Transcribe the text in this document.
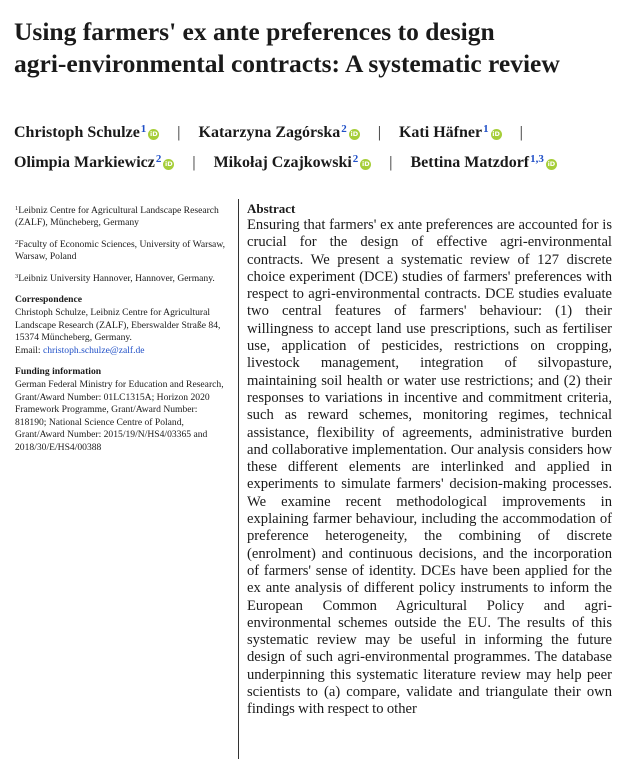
Using farmers' ex ante preferences to design
agri-environmental contracts: A systematic review
Christoph Schulze$^1$ iD | Katarzyna Zagórska$^2$ iD | Kati Häfner$^1$ iD |
Olimpia Markiewicz$^2$ iD | Mikołaj Czajkowski$^2$ iD | Bettina Matzdorf$^{1,3}$ iD

$^1$Leibniz Centre for Agricultural Landscape Research (ZALF), Müncheberg, Germany

$^2$Faculty of Economic Sciences, University of Warsaw, Warsaw, Poland

$^3$Leibniz University Hannover, Hannover, Germany.

Correspondence

Christoph Schulze, Leibniz Centre for Agricultural Landscape Research (ZALF), Eberswalder Straße 84, 15374 Müncheberg, Germany.
Email: christoph.schulze@zalf.de

Funding information

German Federal Ministry for Education and Research, Grant/Award Number: 01LC1315A; Horizon 2020 Framework Programme, Grant/Award Number: 818190; National Science Centre of Poland, Grant/Award Number: 2015/19/N/HS4/03365 and 2018/30/E/HS4/00388

Abstract

Ensuring that farmers' ex ante preferences are accounted for is crucial for the design of effective agri-environmental contracts. We present a systematic review of 127 discrete choice experiment (DCE) studies of farmers' preferences with respect to agri-environmental contracts. DCE studies evaluate two central features of farmers' behaviour: (1) their willingness to accept land use prescriptions, such as fertiliser use, application of pesticides, restrictions on cropping, livestock management, integration of silvopasture, maintaining soil health or water use restrictions; and (2) their responses to variations in incentive and commitment criteria, such as reward schemes, monitoring regimes, technical assistance, flexibility of agreements, administrative burden and collaborative implementation. Our analysis considers how these different elements are interlinked and applied in experiments to simulate farmers' decision-making processes. We examine recent methodological improvements in explaining farmer behaviour, including the accommodation of preference heterogeneity, the combining of discrete (enrolment) and continuous decisions, and the incorporation of farmers' sense of identity. DCEs have been applied for the ex ante analysis of different policy instruments to inform the European Common Agricultural Policy and agri-environmental schemes outside the EU. The results of this systematic review may be useful in informing the future design of such agri-environmental programmes. The database underpinning this systematic literature review may help peer scientists to (a) compare, validate and triangulate their own findings with respect to other
